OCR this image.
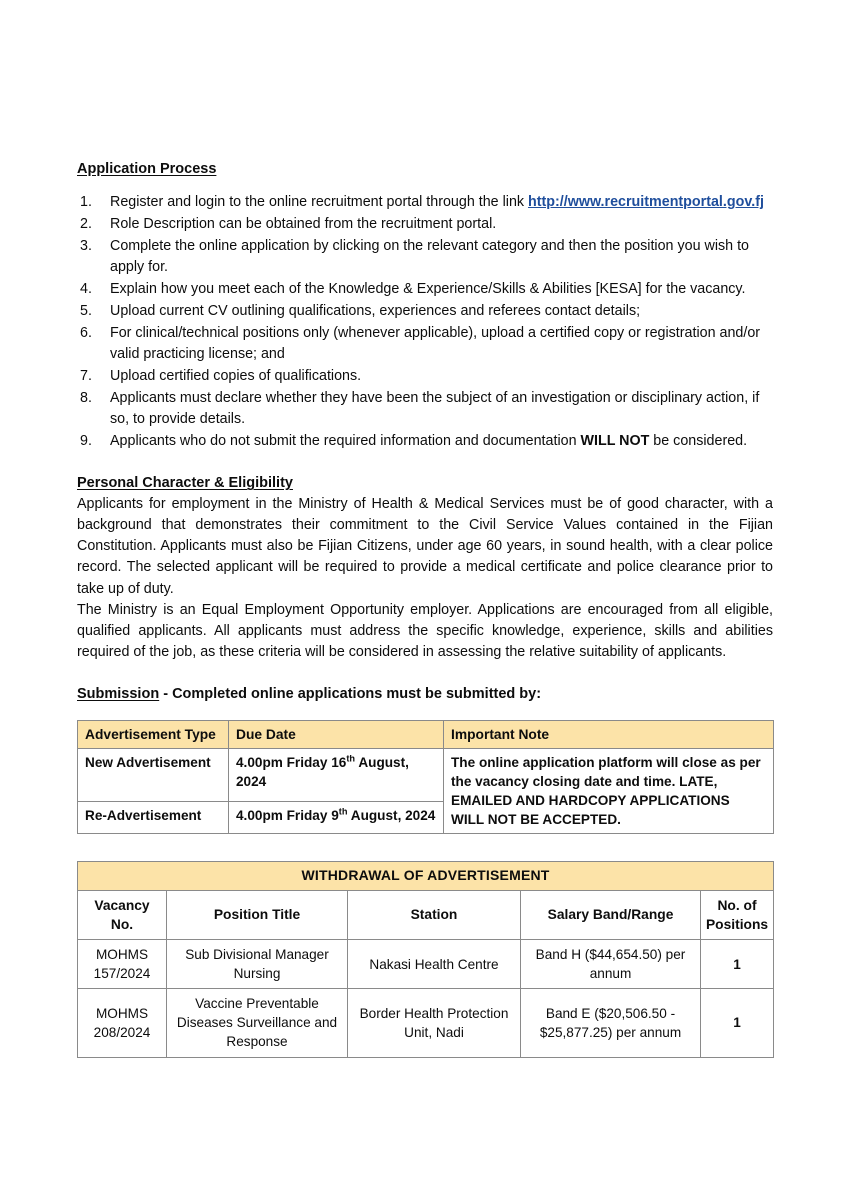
Application Process
1.	Register and login to the online recruitment portal through the link http://www.recruitmentportal.gov.fj
2.	Role Description can be obtained from the recruitment portal.
3.	Complete the online application by clicking on the relevant category and then the position you wish to apply for.
4.	Explain how you meet each of the Knowledge & Experience/Skills & Abilities [KESA] for the vacancy.
5.	Upload current CV outlining qualifications, experiences and referees contact details;
6.	For clinical/technical positions only (whenever applicable), upload a certified copy or registration and/or valid practicing license; and
7.	Upload certified copies of qualifications.
8.	Applicants must declare whether they have been the subject of an investigation or disciplinary action, if so, to provide details.
9.	Applicants who do not submit the required information and documentation WILL NOT be considered.
Personal Character & Eligibility

Applicants for employment in the Ministry of Health & Medical Services must be of good character, with a background that demonstrates their commitment to the Civil Service Values contained in the Fijian Constitution. Applicants must also be Fijian Citizens, under age 60 years, in sound health, with a clear police record. The selected applicant will be required to provide a medical certificate and police clearance prior to take up of duty.

The Ministry is an Equal Employment Opportunity employer. Applications are encouraged from all eligible, qualified applicants. All applicants must address the specific knowledge, experience, skills and abilities required of the job, as these criteria will be considered in assessing the relative suitability of applicants.

Submission - Completed online applications must be submitted by:
Advertisement Type	Due Date	Important Note
New Advertisement	4.00pm Friday 16th August, 2024	The online application platform will close as per the vacancy closing date and time. LATE, EMAILED AND HARDCOPY APPLICATIONS WILL NOT BE ACCEPTED.
Re-Advertisement	4.00pm Friday 9th August, 2024	
WITHDRAWAL OF ADVERTISEMENT				
Vacancy No.	Position Title	Station	Salary Band/Range	No. of Positions
MOHMS 157/2024	Sub Divisional Manager Nursing	Nakasi Health Centre	Band H ($44,654.50) per annum	1
MOHMS 208/2024	Vaccine Preventable Diseases Surveillance and Response	Border Health Protection Unit, Nadi	Band E ($20,506.50 - $25,877.25) per annum	1
